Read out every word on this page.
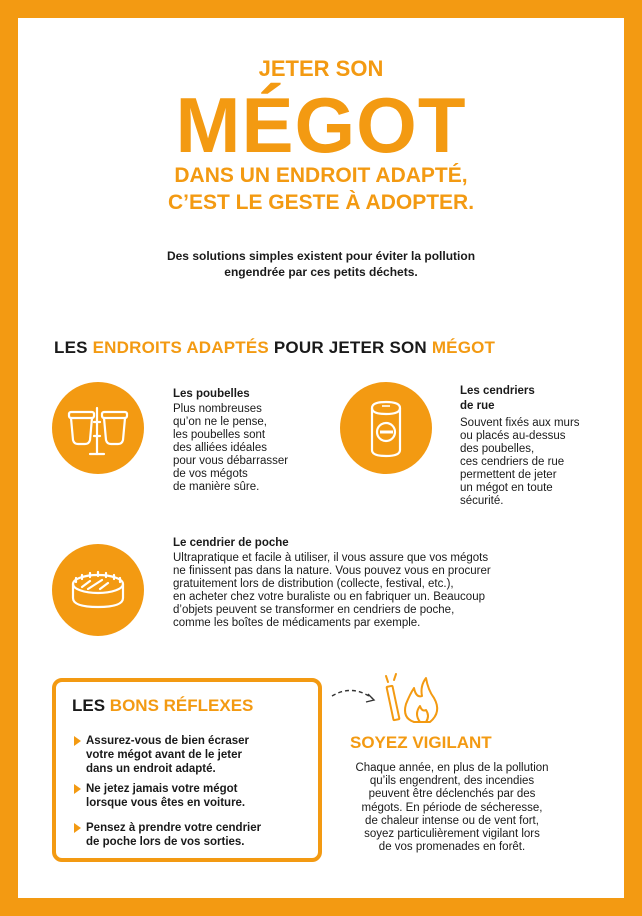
JETER SON
MÉGOT
DANS UN ENDROIT ADAPTÉ,
C’EST LE GESTE À ADOPTER.
Des solutions simples existent pour éviter la pollution
engendrée par ces petits déchets.
LES ENDROITS ADAPTÉS POUR JETER SON MÉGOT
Les poubelles
Plus nombreuses
qu’on ne le pense,
les poubelles sont
des alliées idéales
pour vous débarrasser
de vos mégots
de manière sûre.
Les cendriers
de rue
Souvent fixés aux murs
ou placés au-dessus
des poubelles,
ces cendriers de rue
permettent de jeter
un mégot en toute
sécurité.
Le cendrier de poche
Ultrapratique et facile à utiliser, il vous assure que vos mégots
ne finissent pas dans la nature. Vous pouvez vous en procurer
gratuitement lors de distribution (collecte, festival, etc.),
en acheter chez votre buraliste ou en fabriquer un. Beaucoup
d’objets peuvent se transformer en cendriers de poche,
comme les boîtes de médicaments par exemple.
LES BONS RÉFLEXES
Assurez-vous de bien écraser
votre mégot avant de le jeter
dans un endroit adapté.
Ne jetez jamais votre mégot
lorsque vous êtes en voiture.
Pensez à prendre votre cendrier
de poche lors de vos sorties.
SOYEZ VIGILANT
Chaque année, en plus de la pollution
qu’ils engendrent, des incendies
peuvent être déclenchés par des
mégots. En période de sécheresse,
de chaleur intense ou de vent fort,
soyez particulièrement vigilant lors
de vos promenades en forêt.
